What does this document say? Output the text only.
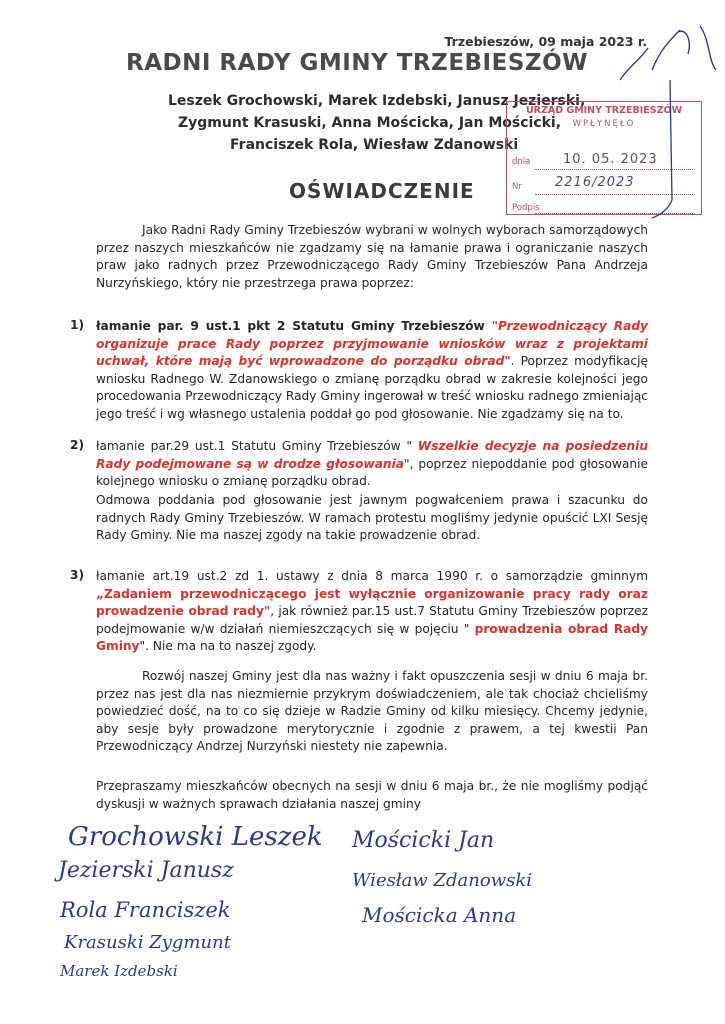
Trzebieszów, 09 maja 2023 r.
RADNI RADY GMINY TRZEBIESZÓW
Leszek Grochowski, Marek Izdebski, Janusz Jezierski,
Zygmunt Krasuski, Anna Mościcka, Jan Mościcki,
Franciszek Rola, Wiesław Zdanowski
URZĄD GMINY TRZEBIESZÓW
WPŁYNĘŁO
dnia	10. 05. 2023
Nr	2216/2023
Podpis
OŚWIADCZENIE
Jako Radni Rady Gminy Trzebieszów wybrani w wolnych wyborach samorządowych przez naszych mieszkańców nie zgadzamy się na łamanie prawa i ograniczanie naszych praw jako radnych przez Przewodniczącego Rady Gminy Trzebieszów Pana Andrzeja Nurzyńskiego, który nie przestrzega prawa poprzez:
1) łamanie par. 9 ust.1 pkt 2 Statutu Gminy Trzebieszów "Przewodniczący Rady organizuje prace Rady poprzez przyjmowanie wniosków wraz z projektami uchwał, które mają być wprowadzone do porządku obrad". Poprzez modyfikację wniosku Radnego W. Zdanowskiego o zmianę porządku obrad w zakresie kolejności jego procedowania Przewodniczący Rady Gminy ingerował w treść wniosku radnego zmieniając jego treść i wg własnego ustalenia poddał go pod głosowanie. Nie zgadzamy się na to.
2) łamanie par.29 ust.1 Statutu Gminy Trzebieszów " Wszelkie decyzje na posiedzeniu Rady podejmowane są w drodze głosowania", poprzez niepoddanie pod głosowanie kolejnego wniosku o zmianę porządku obrad.
Odmowa poddania pod głosowanie jest jawnym pogwałceniem prawa i szacunku do radnych Rady Gminy Trzebieszów. W ramach protestu mogliśmy jedynie opuścić LXI Sesję Rady Gminy. Nie ma naszej zgody na takie prowadzenie obrad.
3) łamanie art.19 ust.2 zd 1. ustawy z dnia 8 marca 1990 r. o samorządzie gminnym „Zadaniem przewodniczącego jest wyłącznie organizowanie pracy rady oraz prowadzenie obrad rady", jak również par.15 ust.7 Statutu Gminy Trzebieszów poprzez podejmowanie w/w działań niemieszczących się w pojęciu " prowadzenia obrad Rady Gminy". Nie ma na to naszej zgody.
Rozwój naszej Gminy jest dla nas ważny i fakt opuszczenia sesji w dniu 6 maja br. przez nas jest dla nas niezmiernie przykrym doświadczeniem, ale tak chociaż chcieliśmy powiedzieć dość, na to co się dzieje w Radzie Gminy od kilku miesięcy. Chcemy jedynie, aby sesje były prowadzone merytorycznie i zgodnie z prawem, a tej kwestii Pan Przewodniczący Andrzej Nurzyński niestety nie zapewnia.
Przepraszamy mieszkańców obecnych na sesji w dniu 6 maja br., że nie mogliśmy podjąć dyskusji w ważnych sprawach działania naszej gminy
Grochowski Leszek
Jezierski Janusz
Rola Franciszek
Krasuski Zygmunt
Marek Izdebski
Mościcki Jan
Wiesław Zdanowski
Mościcka Anna
